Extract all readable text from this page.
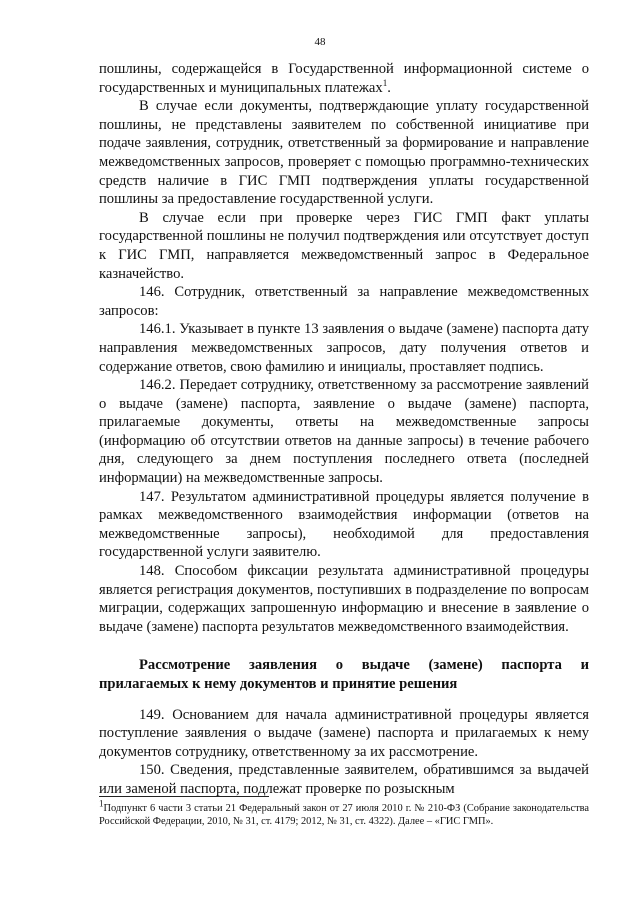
48

пошлины, содержащейся в Государственной информационной системе о государственных и муниципальных платежах$^1$.

В случае если документы, подтверждающие уплату государственной пошлины, не представлены заявителем по собственной инициативе при подаче заявления, сотрудник, ответственный за формирование и направление межведомственных запросов, проверяет с помощью программно-технических средств наличие в ГИС ГМП подтверждения уплаты государственной пошлины за предоставление государственной услуги.

В случае если при проверке через ГИС ГМП факт уплаты государственной пошлины не получил подтверждения или отсутствует доступ к ГИС ГМП, направляется межведомственный запрос в Федеральное казначейство.

146. Сотрудник, ответственный за направление межведомственных запросов:

146.1. Указывает в пункте 13 заявления о выдаче (замене) паспорта дату направления межведомственных запросов, дату получения ответов и содержание ответов, свою фамилию и инициалы, проставляет подпись.

146.2. Передает сотруднику, ответственному за рассмотрение заявлений о выдаче (замене) паспорта, заявление о выдаче (замене) паспорта, прилагаемые документы, ответы на межведомственные запросы (информацию об отсутствии ответов на данные запросы) в течение рабочего дня, следующего за днем поступления последнего ответа (последней информации) на межведомственные запросы.

147. Результатом административной процедуры является получение в рамках межведомственного взаимодействия информации (ответов на межведомственные запросы), необходимой для предоставления государственной услуги заявителю.

148. Способом фиксации результата административной процедуры является регистрация документов, поступивших в подразделение по вопросам миграции, содержащих запрошенную информацию и внесение в заявление о выдаче (замене) паспорта результатов межведомственного взаимодействия.

Рассмотрение заявления о выдаче (замене) паспорта и прилагаемых к нему документов и принятие решения

149. Основанием для начала административной процедуры является поступление заявления о выдаче (замене) паспорта и прилагаемых к нему документов сотруднику, ответственному за их рассмотрение.

150. Сведения, представленные заявителем, обратившимся за выдачей или заменой паспорта, подлежат проверке по розыскным

$^1$Подпункт 6 части 3 статьи 21 Федеральный закон от 27 июля 2010 г. № 210-ФЗ (Собрание законодательства Российской Федерации, 2010, № 31, ст. 4179; 2012, № 31, ст. 4322). Далее – «ГИС ГМП».
